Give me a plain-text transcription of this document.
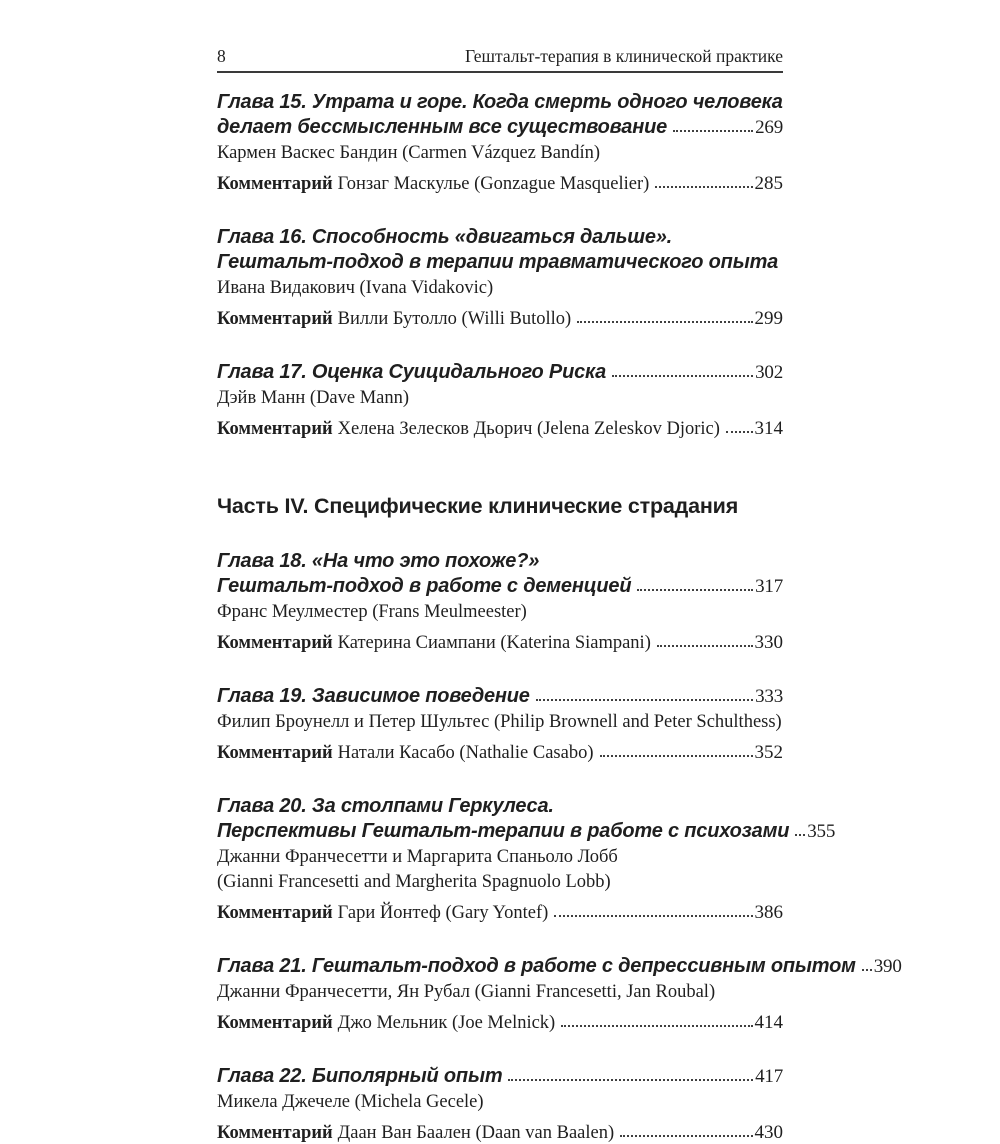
8	Гештальт-терапия в клинической практике
Глава 15. Утрата и горе. Когда смерть одного человека
делает бессмысленным все существование	269
Кармен Васкес Бандин (Carmen Vázquez Bandín)
Комментарий Гонзаг Маскулье (Gonzague Masquelier)	285
Глава 16. Способность «двигаться дальше».
Гештальт-подход в терапии травматического опыта
Ивана Видакович (Ivana Vidakovic)
Комментарий Вилли Бутолло (Willi Butollo)	299
Глава 17. Оценка Суицидального Риска	302
Дэйв Манн (Dave Mann)
Комментарий Хелена Зелесков Дьорич (Jelena Zeleskov Djoric) 314
Часть IV. Специфические клинические страдания
Глава 18. «На что это похоже?»
Гештальт-подход в работе с деменцией	317
Франс Меулместер (Frans Meulmeester)
Комментарий Катерина Сиампани (Katerina Siampani)	330
Глава 19. Зависимое поведение	333
Филип Броунелл и Петер Шультес (Philip Brownell and Peter Schulthess)
Комментарий Натали Касабо (Nathalie Casabo)	352
Глава 20. За столпами Геркулеса.
Перспективы Гештальт-терапии в работе с психозами 355
Джанни Франчесетти и Маргарита Спаньоло Лобб
(Gianni Francesetti and Margherita Spagnuolo Lobb)
Комментарий Гари Йонтеф (Gary Yontef)	386
Глава 21. Гештальт-подход в работе с депрессивным опытом 390
Джанни Франчесетти, Ян Рубал (Gianni Francesetti, Jan Roubal)
Комментарий Джо Мельник (Joe Melnick)	414
Глава 22. Биполярный опыт	417
Микела Джечеле (Michela Gecele)
Комментарий Даан Ван Баален (Daan van Baalen)	430
